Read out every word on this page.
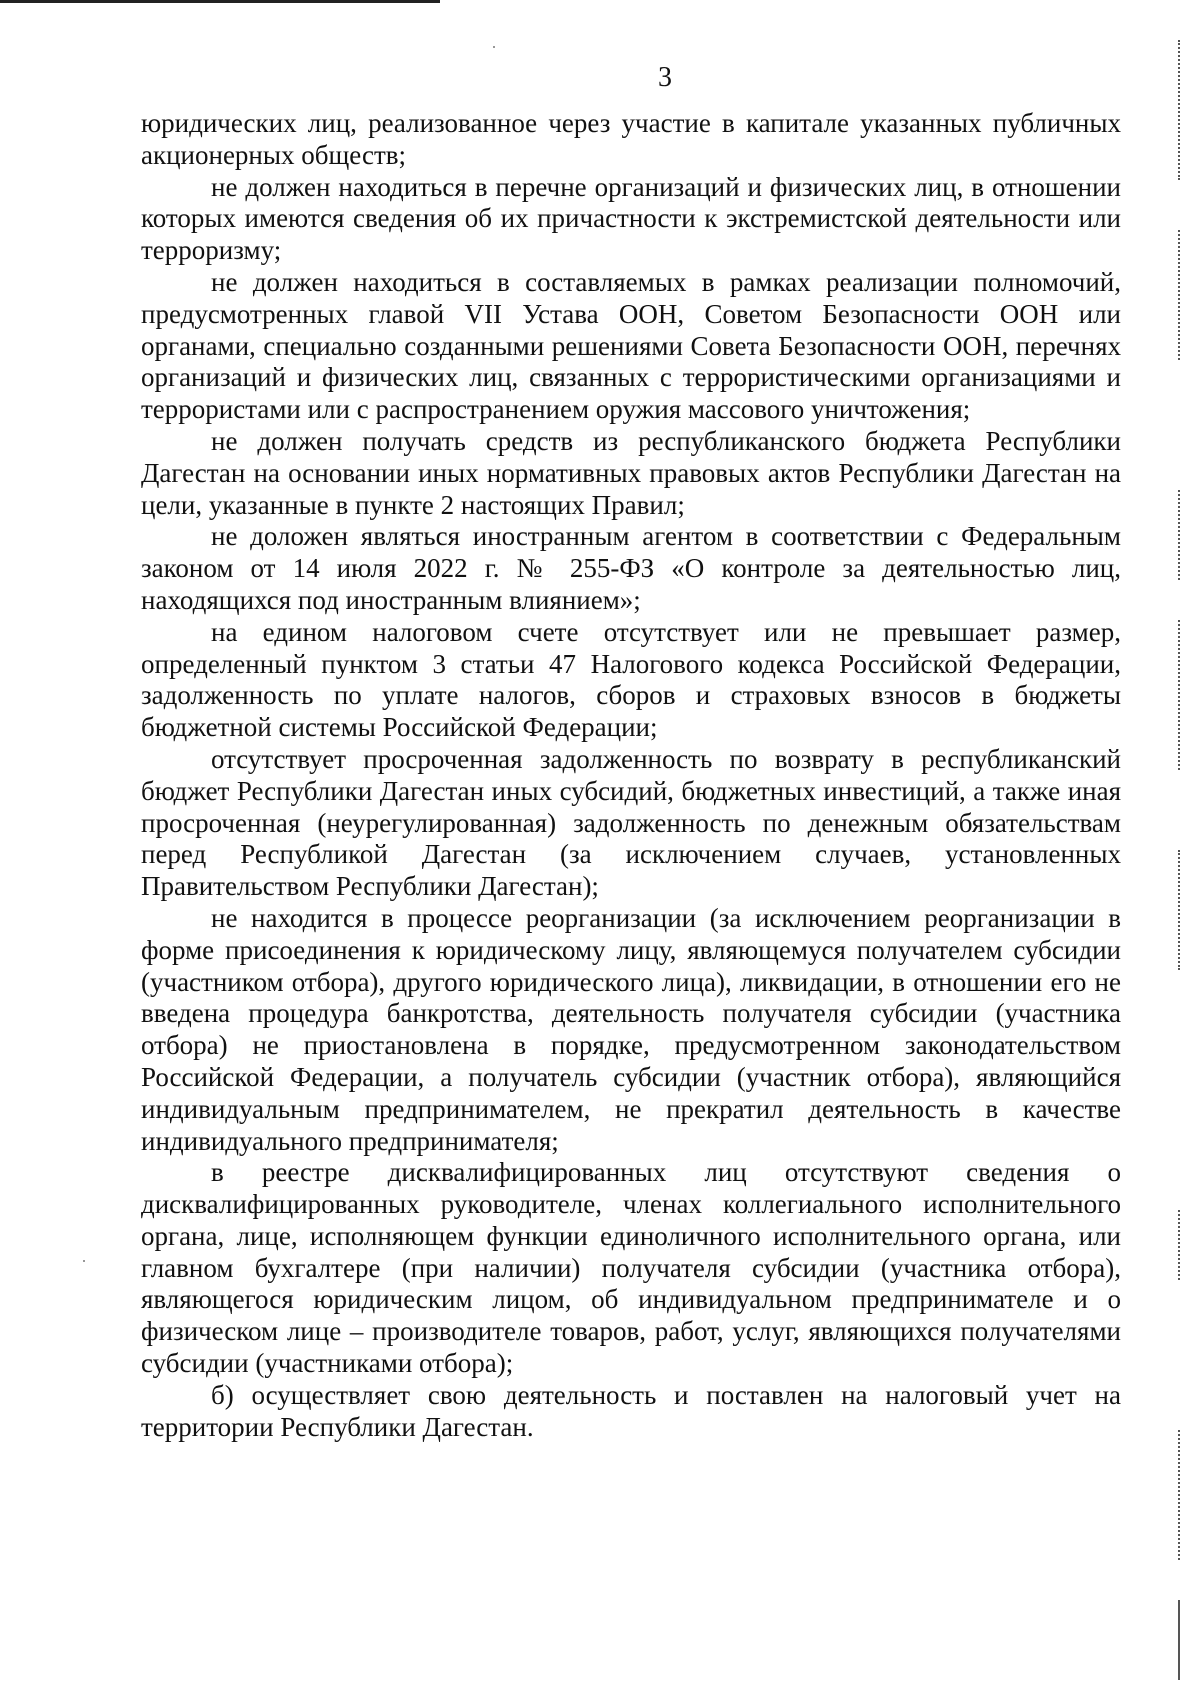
3

юридических лиц, реализованное через участие в капитале указанных публичных акционерных обществ;

не должен находиться в перечне организаций и физических лиц, в отношении которых имеются сведения об их причастности к экстремистской деятельности или терроризму;

не должен находиться в составляемых в рамках реализации полномочий, предусмотренных главой VII Устава ООН, Советом Безопасности ООН или органами, специально созданными решениями Совета Безопасности ООН, перечнях организаций и физических лиц, связанных с террористическими организациями и террористами или с распространением оружия массового уничтожения;

не должен получать средств из республиканского бюджета Республики Дагестан на основании иных нормативных правовых актов Республики Дагестан на цели, указанные в пункте 2 настоящих Правил;

не доложен являться иностранным агентом в соответствии с Федеральным законом от 14 июля 2022 г. № 255-ФЗ «О контроле за деятельностью лиц, находящихся под иностранным влиянием»;

на едином налоговом счете отсутствует или не превышает размер, определенный пунктом 3 статьи 47 Налогового кодекса Российской Федерации, задолженность по уплате налогов, сборов и страховых взносов в бюджеты бюджетной системы Российской Федерации;

отсутствует просроченная задолженность по возврату в республиканский бюджет Республики Дагестан иных субсидий, бюджетных инвестиций, а также иная просроченная (неурегулированная) задолженность по денежным обязательствам перед Республикой Дагестан (за исключением случаев, установленных Правительством Республики Дагестан);

не находится в процессе реорганизации (за исключением реорганизации в форме присоединения к юридическому лицу, являющемуся получателем субсидии (участником отбора), другого юридического лица), ликвидации, в отношении его не введена процедура банкротства, деятельность получателя субсидии (участника отбора) не приостановлена в порядке, предусмотренном законодательством Российской Федерации, а получатель субсидии (участник отбора), являющийся индивидуальным предпринимателем, не прекратил деятельность в качестве индивидуального предпринимателя;

в реестре дисквалифицированных лиц отсутствуют сведения о дисквалифицированных руководителе, членах коллегиального исполнительного органа, лице, исполняющем функции единоличного исполнительного органа, или главном бухгалтере (при наличии) получателя субсидии (участника отбора), являющегося юридическим лицом, об индивидуальном предпринимателе и о физическом лице – производителе товаров, работ, услуг, являющихся получателями субсидии (участниками отбора);

б) осуществляет свою деятельность и поставлен на налоговый учет на территории Республики Дагестан.
